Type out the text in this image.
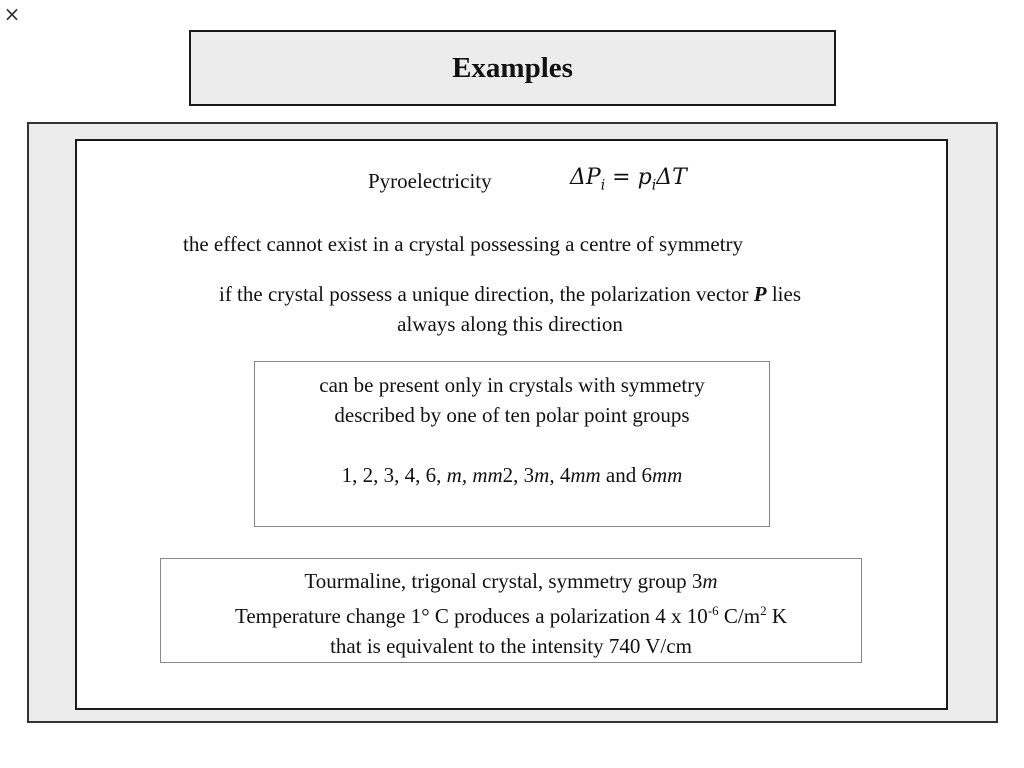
×
Examples
Pyroelectricity	$\Delta P_i = p_i\Delta T$
the effect cannot exist in a crystal possessing a centre of symmetry
if the crystal possess a unique direction, the polarization vector P lies
always along this direction
can be present only in crystals with symmetry
described by one of ten polar point groups
1, 2, 3, 4, 6, m, mm2, 3m, 4mm and 6mm
Tourmaline, trigonal crystal, symmetry group 3m
Temperature change 1° C produces a polarization 4 x $10^{-6}$ $C/m^2$ K
that is equivalent to the intensity 740 V/cm
